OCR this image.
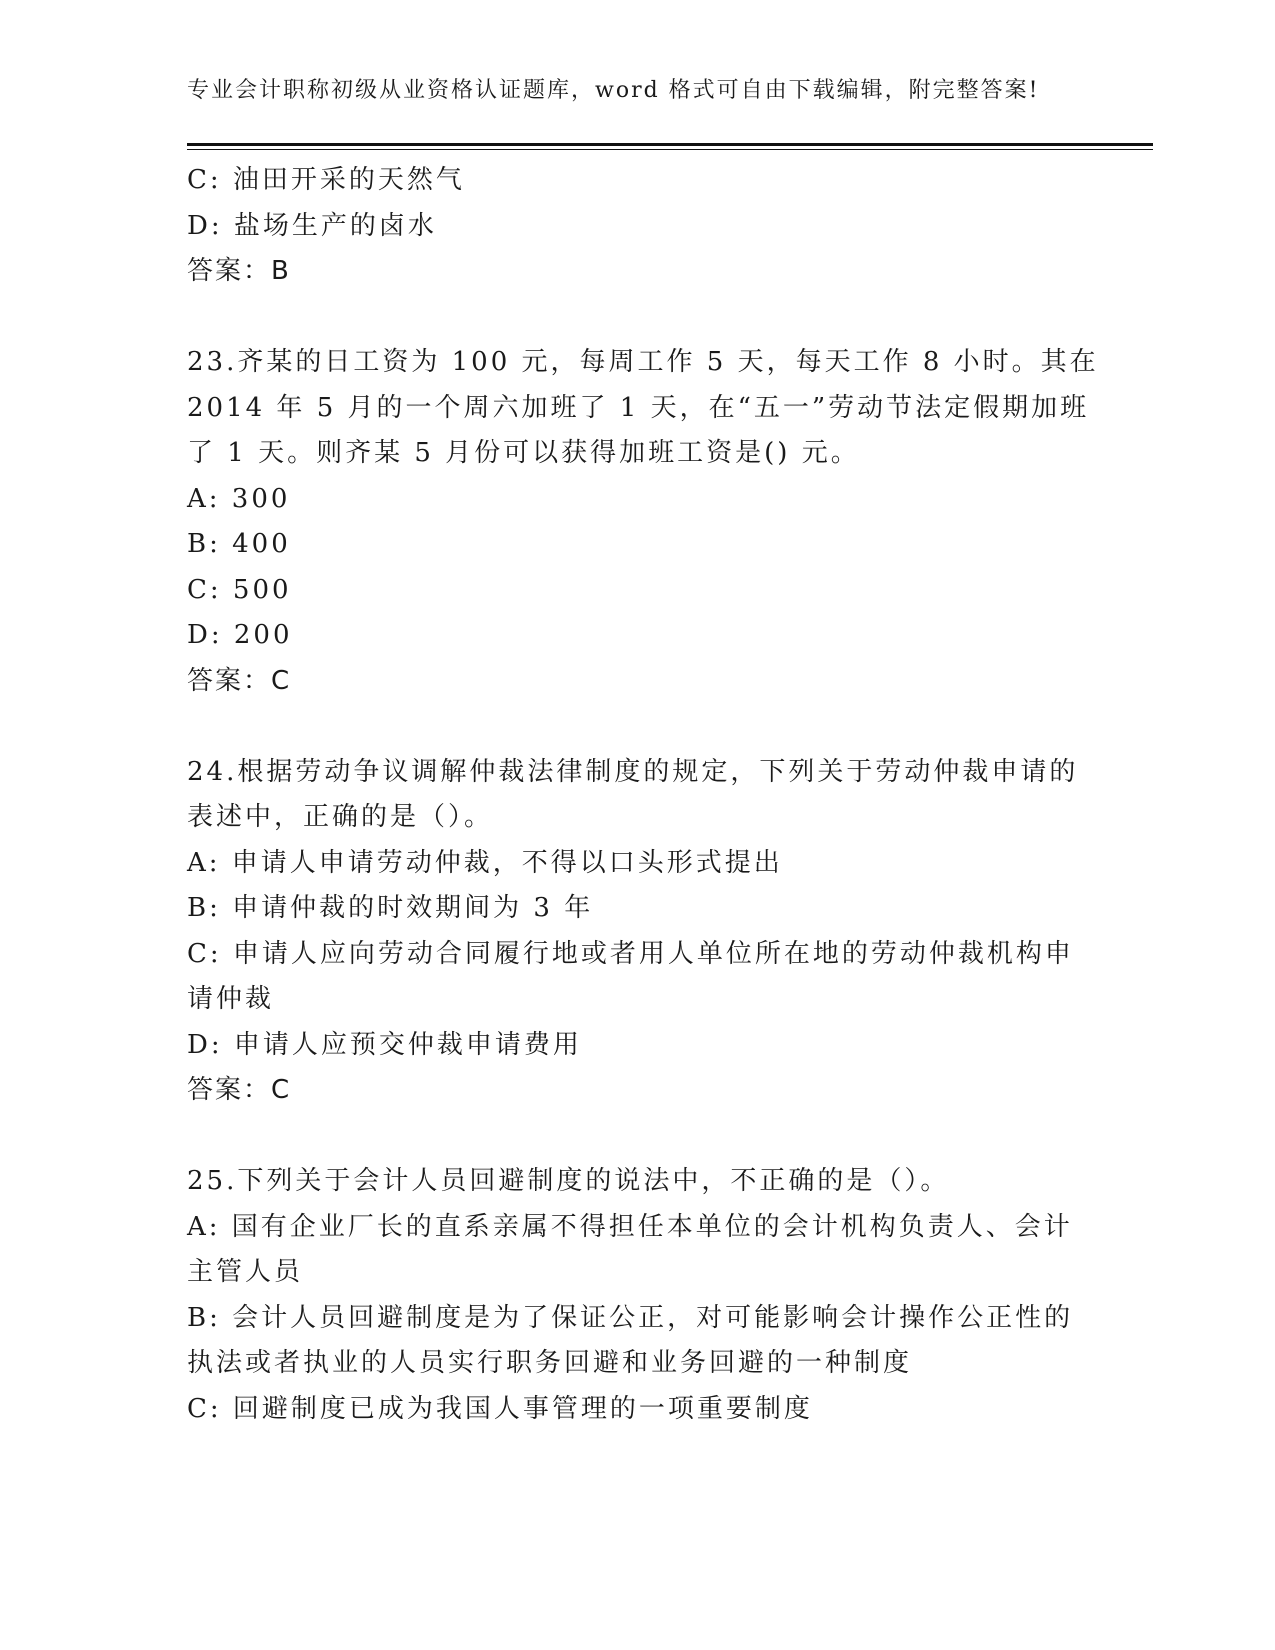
专业会计职称初级从业资格认证题库，word 格式可自由下载编辑，附完整答案!
C: 油田开采的天然气
D: 盐场生产的卤水
答案：B
23.齐某的日工资为 100 元，每周工作 5 天，每天工作 8 小时。其在
2014 年 5 月的一个周六加班了 1 天，在“五一”劳动节法定假期加班
了 1 天。则齐某 5 月份可以获得加班工资是() 元。
A: 300
B: 400
C: 500
D: 200
答案：C
24.根据劳动争议调解仲裁法律制度的规定，下列关于劳动仲裁申请的
表述中，正确的是（）。
A: 申请人申请劳动仲裁，不得以口头形式提出
B: 申请仲裁的时效期间为 3 年
C: 申请人应向劳动合同履行地或者用人单位所在地的劳动仲裁机构申
请仲裁
D: 申请人应预交仲裁申请费用
答案：C
25.下列关于会计人员回避制度的说法中，不正确的是（）。
A: 国有企业厂长的直系亲属不得担任本单位的会计机构负责人、会计
主管人员
B: 会计人员回避制度是为了保证公正，对可能影响会计操作公正性的
执法或者执业的人员实行职务回避和业务回避的一种制度
C: 回避制度已成为我国人事管理的一项重要制度
